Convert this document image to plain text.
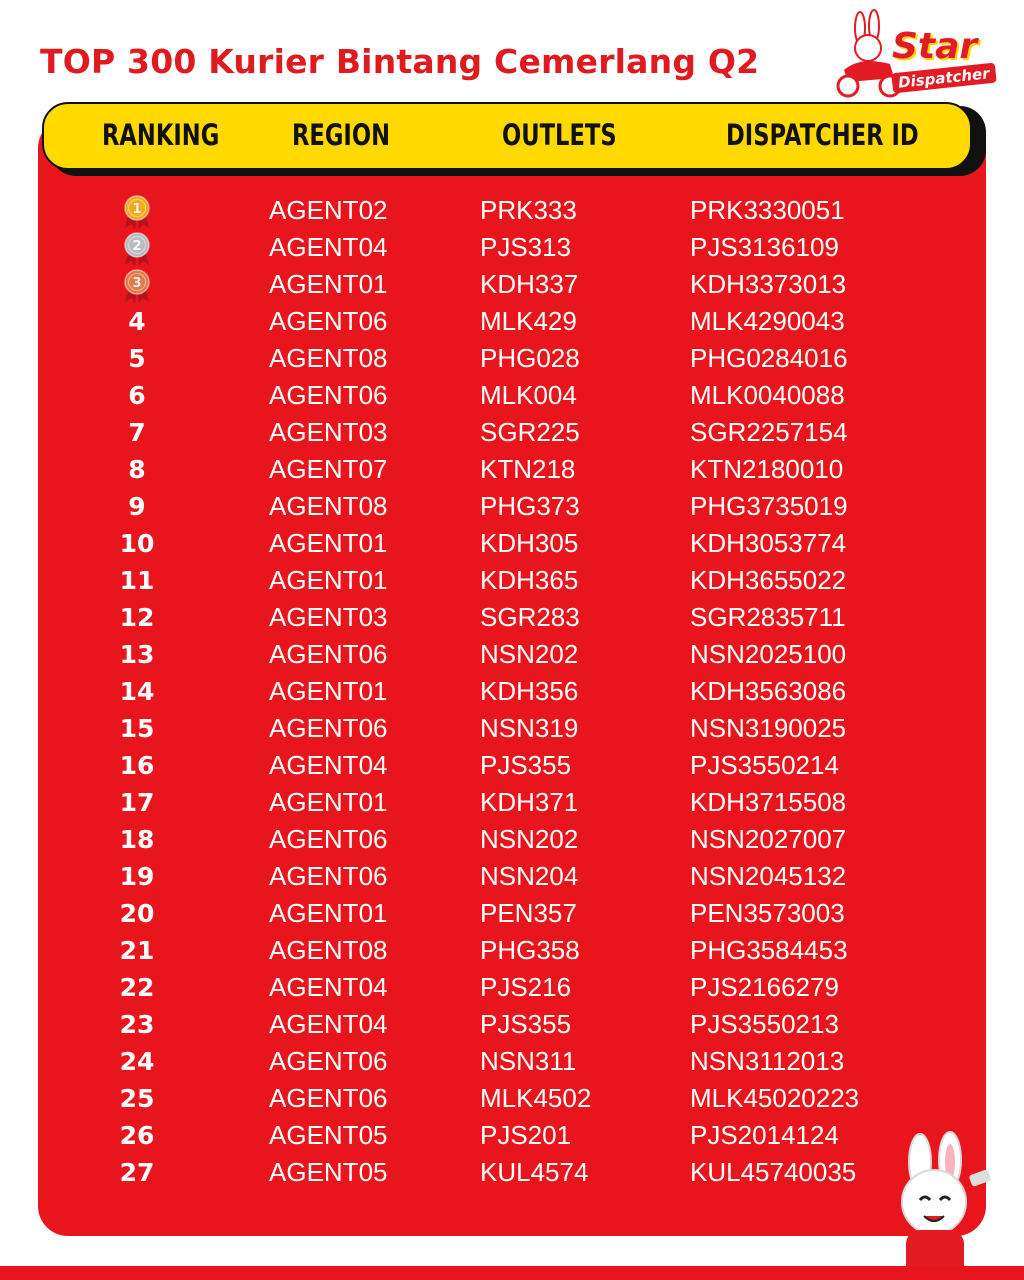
TOP 300 Kurier Bintang Cemerlang Q2	Star
Dispatcher
RANKING	REGION	OUTLETS	DISPATCHER ID
1	AGENT02	PRK333	PRK3330051
2	AGENT04	PJS313	PJS3136109
3	AGENT01	KDH337	KDH3373013
4	AGENT06	MLK429	MLK4290043
5	AGENT08	PHG028	PHG0284016
6	AGENT06	MLK004	MLK0040088
7	AGENT03	SGR225	SGR2257154
8	AGENT07	KTN218	KTN2180010
9	AGENT08	PHG373	PHG3735019
10	AGENT01	KDH305	KDH3053774
11	AGENT01	KDH365	KDH3655022
12	AGENT03	SGR283	SGR2835711
13	AGENT06	NSN202	NSN2025100
14	AGENT01	KDH356	KDH3563086
15	AGENT06	NSN319	NSN3190025
16	AGENT04	PJS355	PJS3550214
17	AGENT01	KDH371	KDH3715508
18	AGENT06	NSN202	NSN2027007
19	AGENT06	NSN204	NSN2045132
20	AGENT01	PEN357	PEN3573003
21	AGENT08	PHG358	PHG3584453
22	AGENT04	PJS216	PJS2166279
23	AGENT04	PJS355	PJS3550213
24	AGENT06	NSN311	NSN3112013
25	AGENT06	MLK4502	MLK45020223
26	AGENT05	PJS201	PJS2014124
27	AGENT05	KUL4574	KUL45740035
